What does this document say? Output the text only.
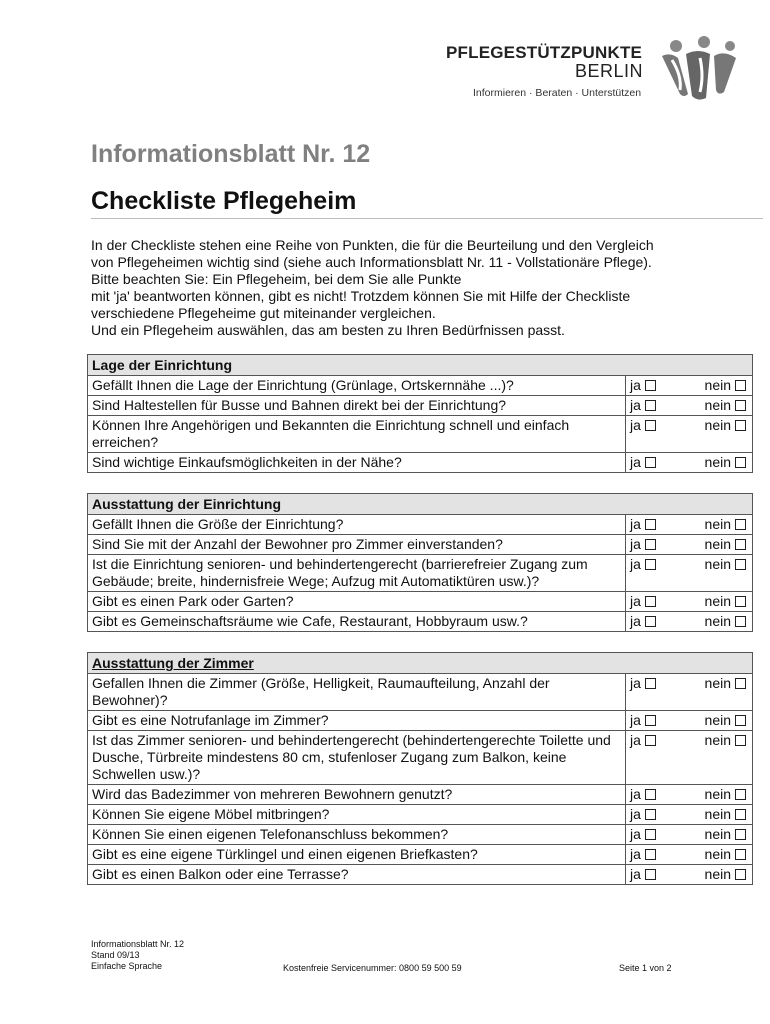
PFLEGESTÜTZPUNKTE
BERLIN
Informieren · Beraten · Unterstützen
Informationsblatt Nr. 12
Checkliste Pflegeheim

In der Checkliste stehen eine Reihe von Punkten, die für die Beurteilung und den Vergleich
von Pflegeheimen wichtig sind (siehe auch Informationsblatt Nr. 11 - Vollstationäre Pflege).
Bitte beachten Sie: Ein Pflegeheim, bei dem Sie alle Punkte
mit 'ja' beantworten können, gibt es nicht! Trotzdem können Sie mit Hilfe der Checkliste
verschiedene Pflegeheime gut miteinander vergleichen.
Und ein Pflegeheim auswählen, das am besten zu Ihren Bedürfnissen passt.

Lage der Einrichtung
Gefällt Ihnen die Lage der Einrichtung (Grünlage, Ortskernnähe ...)?	ja	nein
Sind Haltestellen für Busse und Bahnen direkt bei der Einrichtung?	ja	nein
Können Ihre Angehörigen und Bekannten die Einrichtung schnell und einfach erreichen?
ja	nein
Sind wichtige Einkaufsmöglichkeiten in der Nähe?	ja	nein
Ausstattung der Einrichtung
Gefällt Ihnen die Größe der Einrichtung?	ja	nein
Sind Sie mit der Anzahl der Bewohner pro Zimmer einverstanden?	ja	nein
Ist die Einrichtung senioren- und behindertengerecht (barrierefreier Zugang zum Gebäude; breite, hindernisfreie Wege; Aufzug mit Automatiktüren usw.)?
ja	nein
Gibt es einen Park oder Garten?	ja	nein
Gibt es Gemeinschaftsräume wie Cafe, Restaurant, Hobbyraum usw.?	ja	nein
Ausstattung der Zimmer
Gefallen Ihnen die Zimmer (Größe, Helligkeit, Raumaufteilung, Anzahl der Bewohner)?
ja	nein
Gibt es eine Notrufanlage im Zimmer?	ja	nein
Ist das Zimmer senioren- und behindertengerecht (behindertengerechte Toilette und Dusche, Türbreite mindestens 80 cm, stufenloser Zugang zum Balkon, keine Schwellen usw.)?
ja	nein
Wird das Badezimmer von mehreren Bewohnern genutzt?	ja	nein
Können Sie eigene Möbel mitbringen?	ja	nein
Können Sie einen eigenen Telefonanschluss bekommen?	ja	nein
Gibt es eine eigene Türklingel und einen eigenen Briefkasten?	ja	nein
Gibt es einen Balkon oder eine Terrasse?	ja	nein
Informationsblatt Nr. 12
Stand 09/13
Einfache Sprache	Kostenfreie Servicenummer: 0800 59 500 59	Seite 1 von 2
